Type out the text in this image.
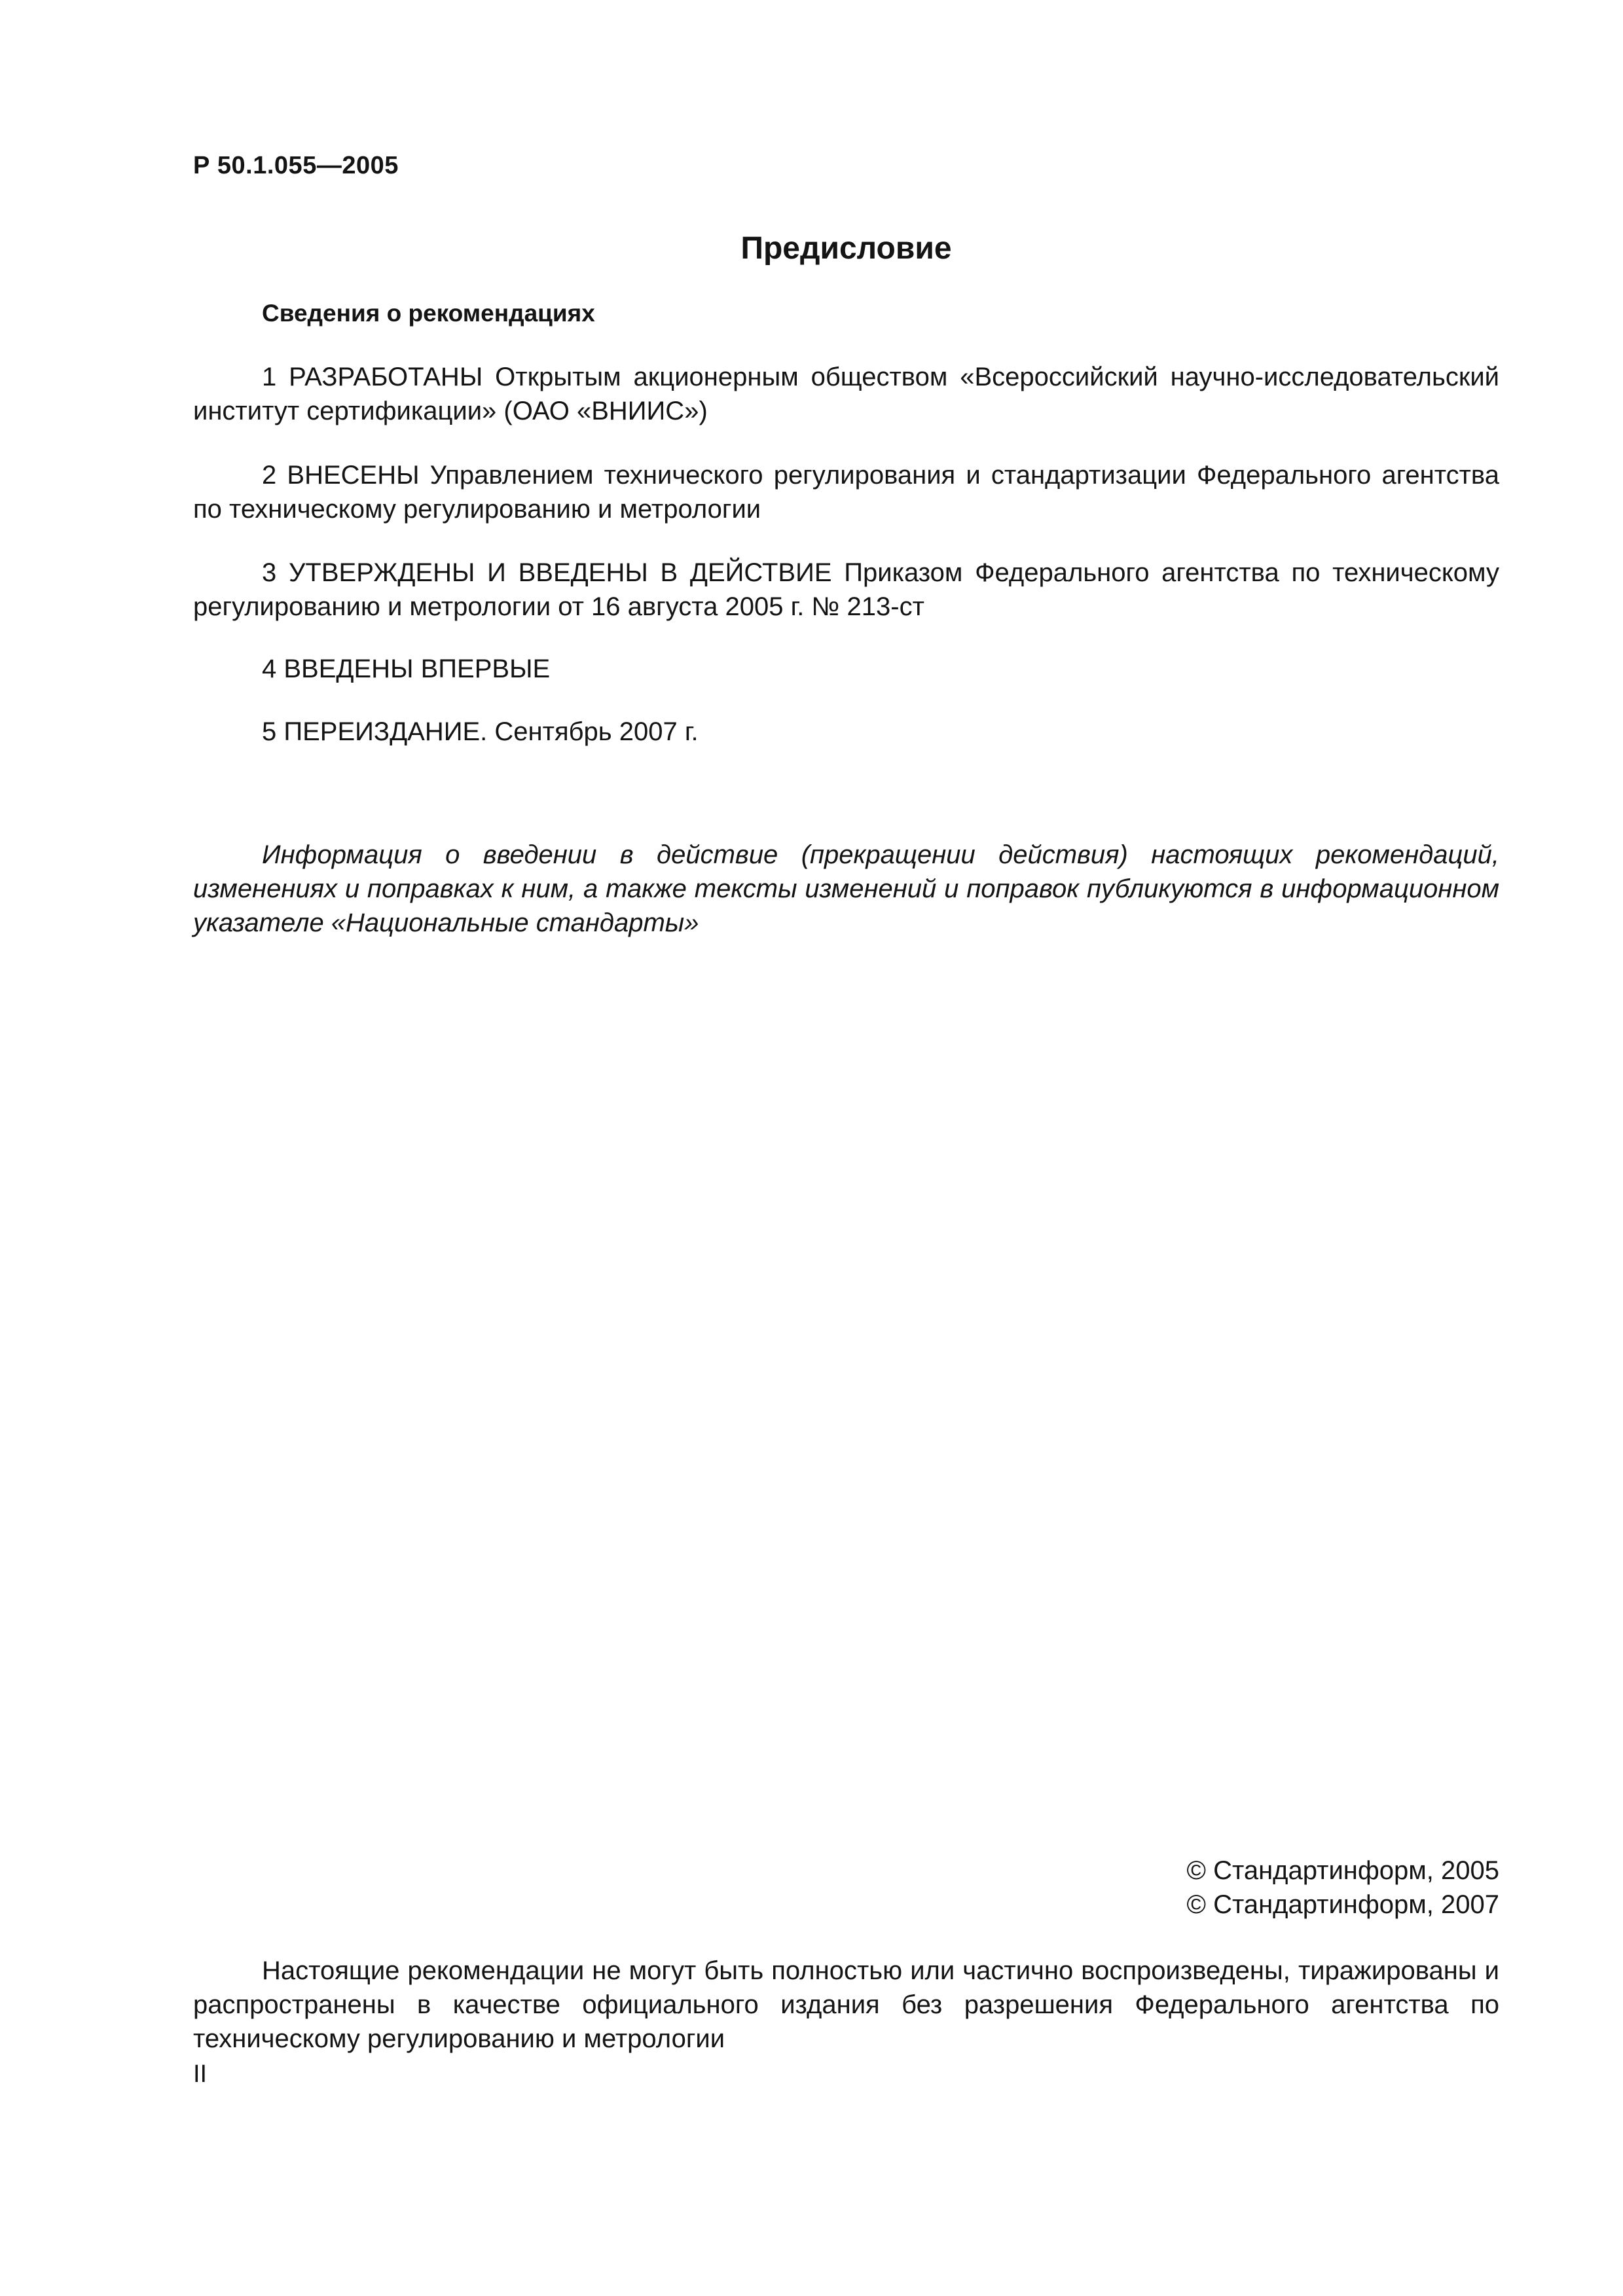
Р 50.1.055—2005
Предисловие
Сведения о рекомендациях

1 РАЗРАБОТАНЫ Открытым акционерным обществом «Всероссийский научно-исследовательский институт сертификации» (ОАО «ВНИИС»)

2 ВНЕСЕНЫ Управлением технического регулирования и стандартизации Федерального агентства по техническому регулированию и метрологии

3 УТВЕРЖДЕНЫ И ВВЕДЕНЫ В ДЕЙСТВИЕ Приказом Федерального агентства по техническому регулированию и метрологии от 16 августа 2005 г. № 213-ст

4 ВВЕДЕНЫ ВПЕРВЫЕ

5 ПЕРЕИЗДАНИЕ. Сентябрь 2007 г.

Информация о введении в действие (прекращении действия) настоящих рекомендаций, изменениях и поправках к ним, а также тексты изменений и поправок публикуются в информационном указателе «Национальные стандарты»

© Стандартинформ, 2005
© Стандартинформ, 2007

Настоящие рекомендации не могут быть полностью или частично воспроизведены, тиражированы и распространены в качестве официального издания без разрешения Федерального агентства по техническому регулированию и метрологии

II
